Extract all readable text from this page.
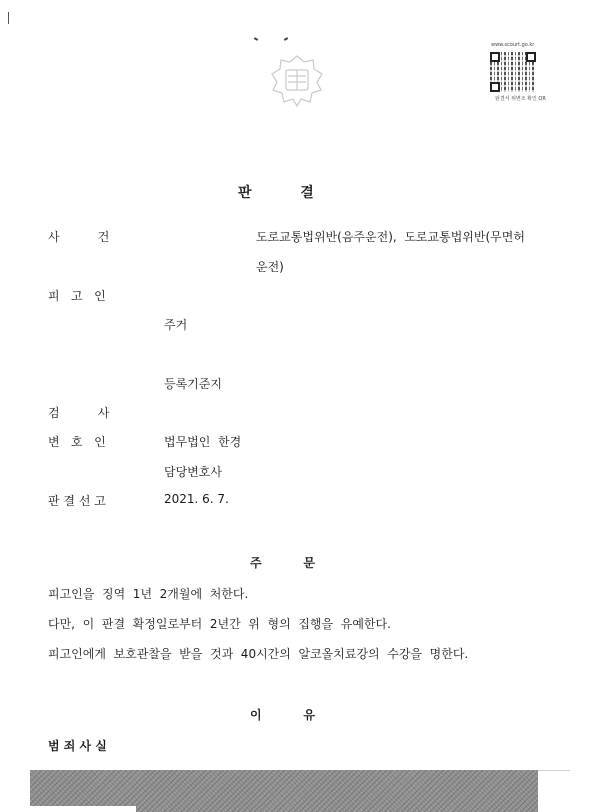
www.scourt.go.kr
판결서 위변조 확인 QR
판          결
사          건	도로교통법위반(음주운전),  도로교통법위반(무면허
운전)
피   고   인
주거
등록기준지
검          사
변   호   인	법무법인  한경
담당변호사
판 결 선 고	2021. 6. 7.
주          문
피고인을  징역  1년  2개월에  처한다.
다만,  이  판결  확정일로부터  2년간  위  형의  집행을  유예한다.
피고인에게  보호관찰을  받을  것과  40시간의  알코올치료강의  수강을  명한다.
이          유
범 죄 사 실
